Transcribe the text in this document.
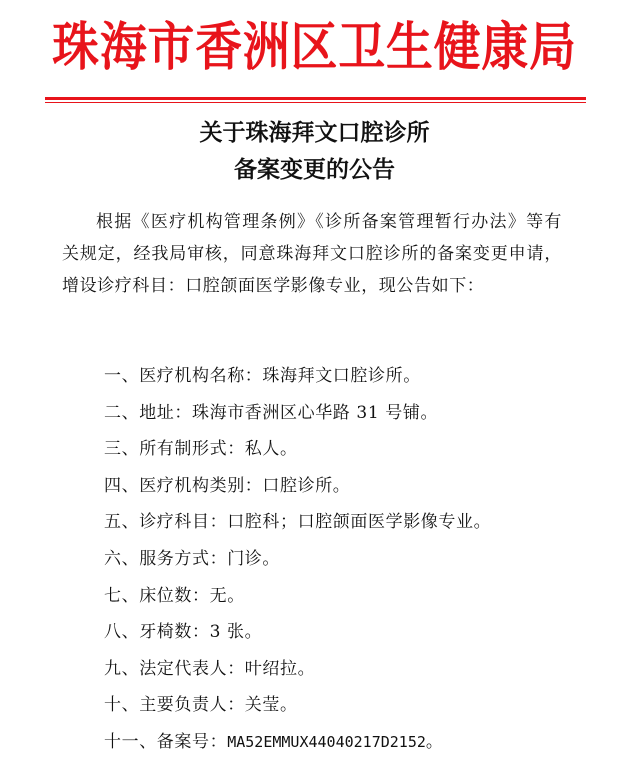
珠海市香洲区卫生健康局
关于珠海拜文口腔诊所
备案变更的公告
根据《医疗机构管理条例》《诊所备案管理暂行办法》等有关规定，经我局审核，同意珠海拜文口腔诊所的备案变更申请，增设诊疗科目：口腔颌面医学影像专业，现公告如下：
一、医疗机构名称：珠海拜文口腔诊所。
二、地址：珠海市香洲区心华路 31 号铺。
三、所有制形式：私人。
四、医疗机构类别：口腔诊所。
五、诊疗科目：口腔科；口腔颌面医学影像专业。
六、服务方式：门诊。
七、床位数：无。
八、牙椅数：3 张。
九、法定代表人：叶绍拉。
十、主要负责人：关莹。
十一、备案号：MA52EMMUX44040217D2152。
